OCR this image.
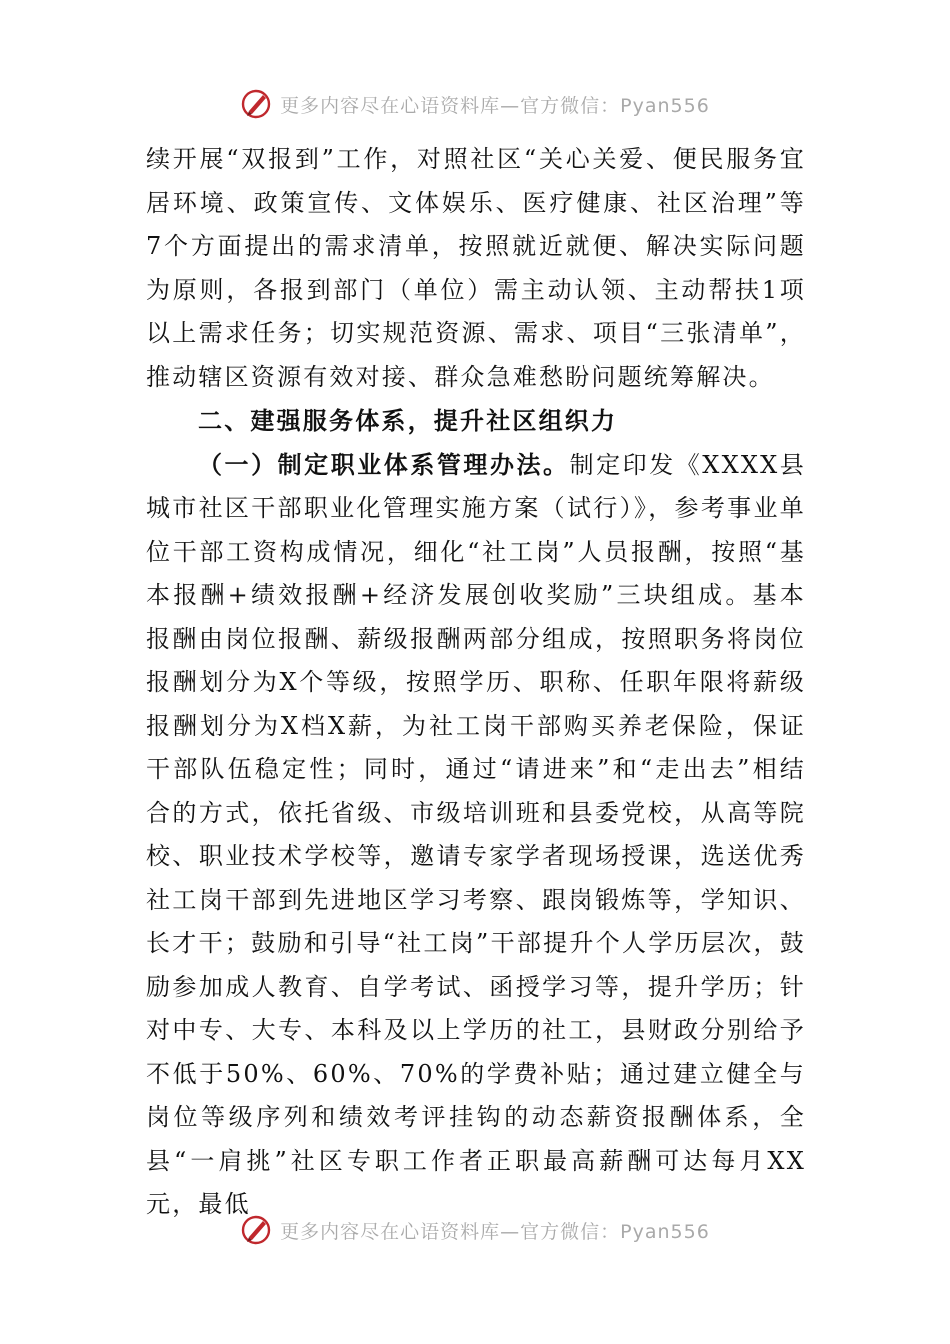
更多内容尽在心语资料库—官方微信：Pyan556

续开展“双报到”工作，对照社区“关心关爱、便民服务宜居环境、政策宣传、文体娱乐、医疗健康、社区治理”等7个方面提出的需求清单，按照就近就便、解决实际问题为原则，各报到部门（单位）需主动认领、主动帮扶1项以上需求任务；切实规范资源、需求、项目“三张清单”，推动辖区资源有效对接、群众急难愁盼问题统筹解决。

二、建强服务体系，提升社区组织力

（一）制定职业体系管理办法。制定印发《XXXX县城市社区干部职业化管理实施方案（试行）》，参考事业单位干部工资构成情况，细化“社工岗”人员报酬，按照“基本报酬+绩效报酬+经济发展创收奖励”三块组成。基本报酬由岗位报酬、薪级报酬两部分组成，按照职务将岗位报酬划分为X个等级，按照学历、职称、任职年限将薪级报酬划分为X档X薪，为社工岗干部购买养老保险，保证干部队伍稳定性；同时，通过“请进来”和“走出去”相结合的方式，依托省级、市级培训班和县委党校，从高等院校、职业技术学校等，邀请专家学者现场授课，选送优秀社工岗干部到先进地区学习考察、跟岗锻炼等，学知识、长才干；鼓励和引导“社工岗”干部提升个人学历层次，鼓励参加成人教育、自学考试、函授学习等，提升学历；针对中专、大专、本科及以上学历的社工，县财政分别给予不低于50%、60%、70%的学费补贴；通过建立健全与岗位等级序列和绩效考评挂钩的动态薪资报酬体系，全县“一肩挑”社区专职工作者正职最高薪酬可达每月XX元，最低

更多内容尽在心语资料库—官方微信：Pyan556
